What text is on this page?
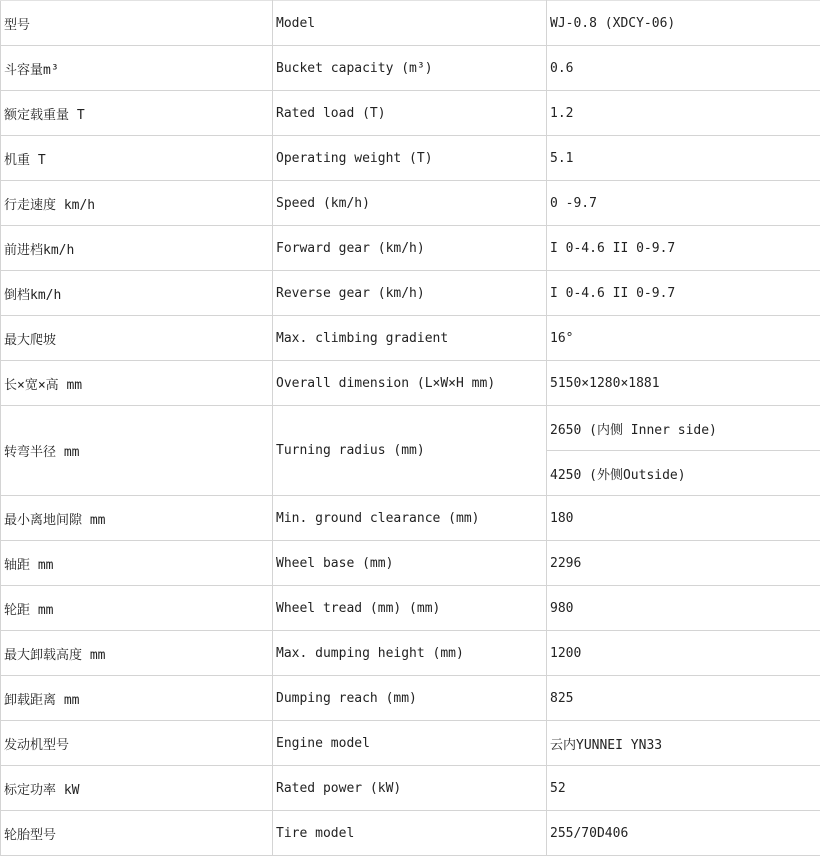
型号	Model	WJ-0.8 (XDCY-06)
斗容量m³	Bucket capacity (m³)	0.6
额定载重量 T	Rated load (T)	1.2
机重 T	Operating weight (T)	5.1
行走速度 km/h	Speed (km/h)	0 -9.7
前进档km/h	Forward gear (km/h)	I 0-4.6 II 0-9.7
倒档km/h	Reverse gear (km/h)	I 0-4.6 II 0-9.7
最大爬坡	Max. climbing gradient	16°
长×宽×高 mm	Overall dimension (L×W×H mm)	5150×1280×1881
转弯半径 mm	Turning radius (mm)	2650 (内侧 Inner side)
		4250 (外侧Outside)
最小离地间隙 mm	Min. ground clearance (mm)	180
轴距 mm	Wheel base (mm)	2296
轮距 mm	Wheel tread (mm) (mm)	980
最大卸载高度 mm	Max. dumping height (mm)	1200
卸载距离 mm	Dumping reach (mm)	825
发动机型号	Engine model	云内YUNNEI YN33
标定功率 kW	Rated power (kW)	52
轮胎型号	Tire model	255/70D406
